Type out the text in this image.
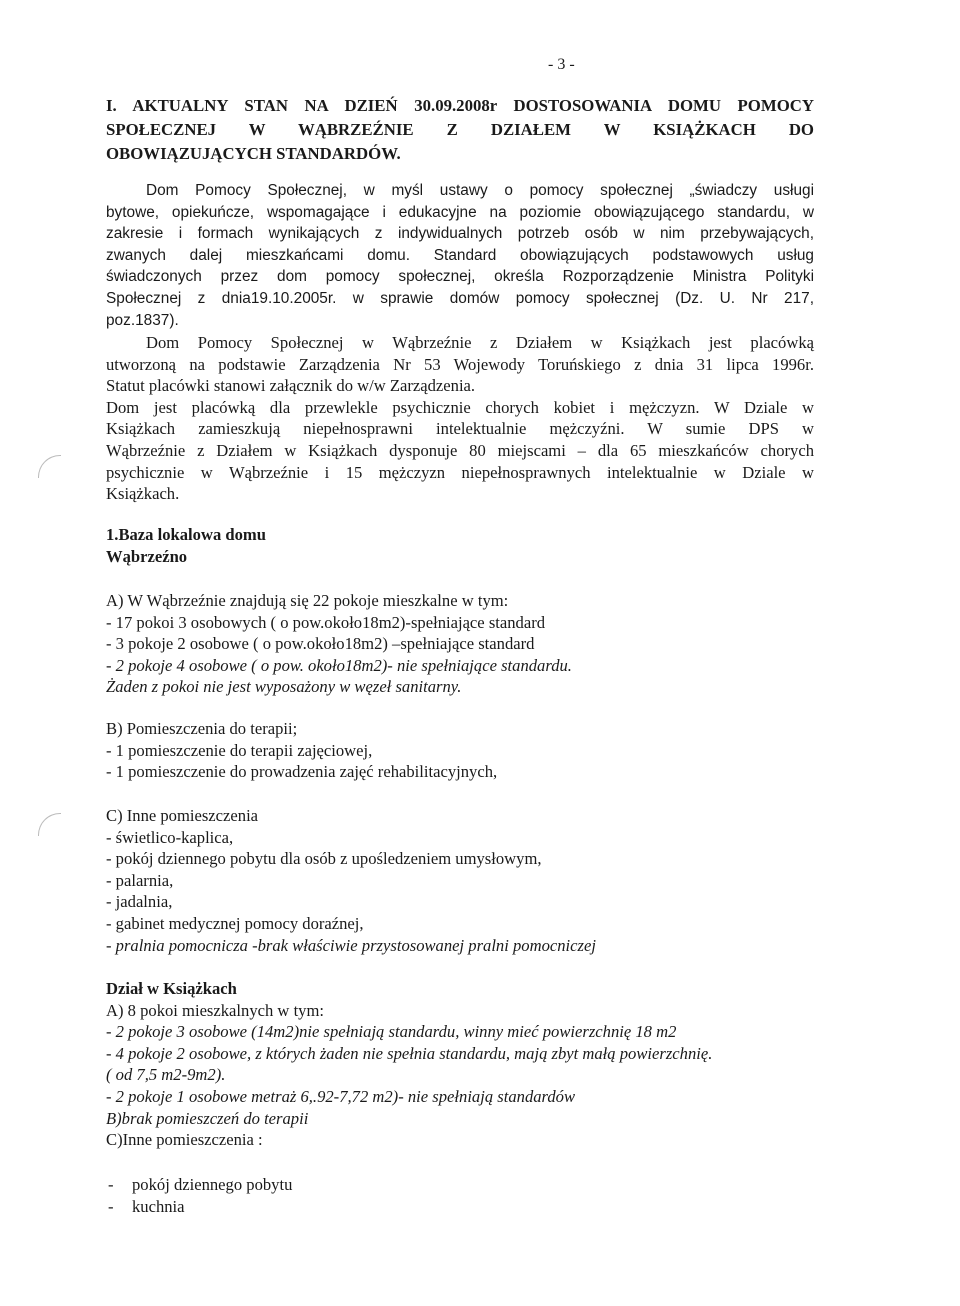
- 3 -
I. AKTUALNY STAN NA DZIEŃ 30.09.2008r DOSTOSOWANIA DOMU POMOCY
SPOŁECZNEJ W WĄBRZEŹNIE Z DZIAŁEM W KSIĄŻKACH DO
OBOWIĄZUJĄCYCH STANDARDÓW.
Dom Pomocy Społecznej, w myśl ustawy o pomocy społecznej „świadczy usługi
bytowe, opiekuńcze, wspomagające i edukacyjne na poziomie obowiązującego standardu, w
zakresie i formach wynikających z indywidualnych potrzeb osób w nim przebywających,
zwanych dalej mieszkańcami domu. Standard obowiązujących podstawowych usług
świadczonych przez dom pomocy społecznej, określa Rozporządzenie Ministra Polityki
Społecznej z dnia19.10.2005r. w sprawie domów pomocy społecznej (Dz. U. Nr 217,
poz.1837).
Dom Pomocy Społecznej w Wąbrzeźnie z Działem w Książkach jest placówką
utworzoną na podstawie Zarządzenia Nr 53 Wojewody Toruńskiego z dnia 31 lipca 1996r.
Statut placówki stanowi załącznik do w/w Zarządzenia.
Dom jest placówką dla przewlekle psychicznie chorych kobiet i mężczyzn. W Dziale w
Książkach zamieszkują niepełnosprawni intelektualnie mężczyźni. W sumie DPS w
Wąbrzeźnie z Działem w Książkach dysponuje 80 miejscami – dla 65 mieszkańców chorych
psychicznie w Wąbrzeźnie i 15 mężczyzn niepełnosprawnych intelektualnie w Dziale w
Książkach.
1.Baza lokalowa domu
Wąbrzeźno
A) W Wąbrzeźnie znajdują się 22 pokoje mieszkalne w tym:
- 17 pokoi 3 osobowych ( o pow.około18m2)-spełniające standard
- 3 pokoje 2 osobowe ( o pow.około18m2) –spełniające standard
- 2 pokoje 4 osobowe ( o pow. około18m2)- nie spełniające standardu.
Żaden z pokoi nie jest wyposażony w węzeł sanitarny.
B) Pomieszczenia do terapii;
- 1 pomieszczenie do terapii zajęciowej,
- 1 pomieszczenie do prowadzenia zajęć rehabilitacyjnych,
C) Inne pomieszczenia
- świetlico-kaplica,
- pokój dziennego pobytu dla osób z upośledzeniem umysłowym,
- palarnia,
- jadalnia,
- gabinet medycznej pomocy doraźnej,
- pralnia pomocnicza -brak właściwie przystosowanej pralni pomocniczej
Dział w Książkach
A) 8 pokoi mieszkalnych w tym:
- 2 pokoje 3 osobowe (14m2)nie spełniają standardu, winny mieć powierzchnię 18 m2
- 4 pokoje 2 osobowe, z których żaden nie spełnia standardu, mają zbyt małą powierzchnię.
( od 7,5 m2-9m2).
- 2 pokoje 1 osobowe metraż 6,.92-7,72 m2)- nie spełniają standardów
B)brak pomieszczeń do terapii
C)Inne pomieszczenia :
- pokój dziennego pobytu
- kuchnia
